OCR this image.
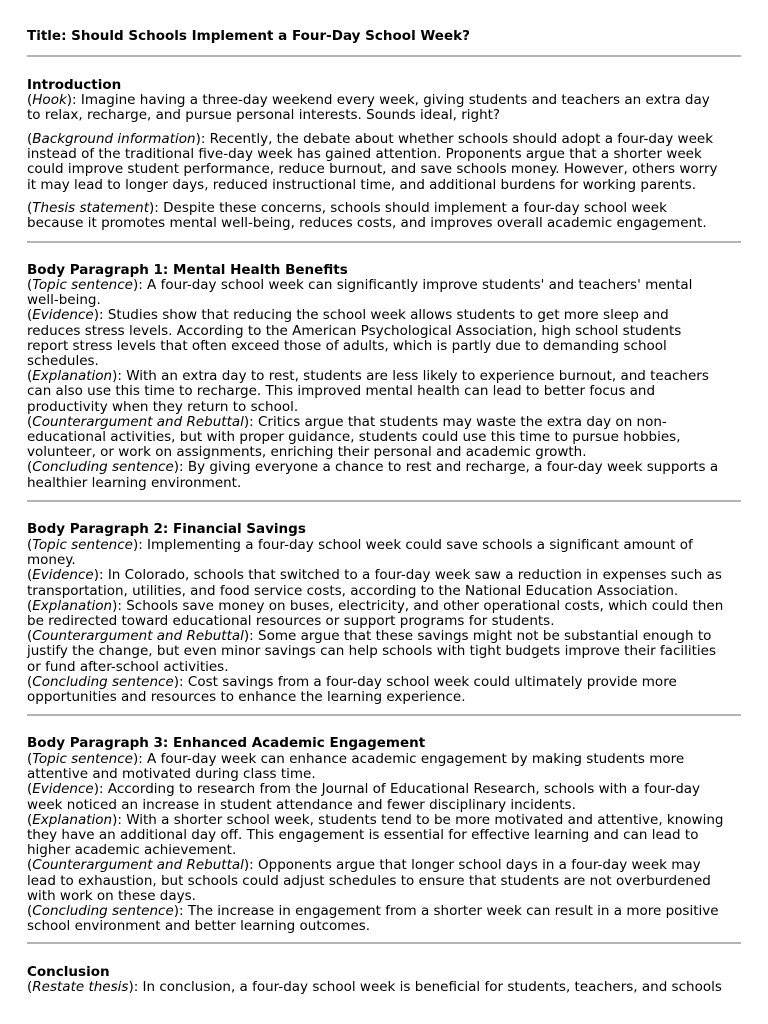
Title: Should Schools Implement a Four-Day School Week?
Introduction
(Hook): Imagine having a three-day weekend every week, giving students and teachers an extra day
to relax, recharge, and pursue personal interests. Sounds ideal, right?
(Background information): Recently, the debate about whether schools should adopt a four-day week
instead of the traditional five-day week has gained attention. Proponents argue that a shorter week
could improve student performance, reduce burnout, and save schools money. However, others worry
it may lead to longer days, reduced instructional time, and additional burdens for working parents.
(Thesis statement): Despite these concerns, schools should implement a four-day school week
because it promotes mental well-being, reduces costs, and improves overall academic engagement.
Body Paragraph 1: Mental Health Benefits
(Topic sentence): A four-day school week can significantly improve students' and teachers' mental
well-being.
(Evidence): Studies show that reducing the school week allows students to get more sleep and
reduces stress levels. According to the American Psychological Association, high school students
report stress levels that often exceed those of adults, which is partly due to demanding school
schedules.
(Explanation): With an extra day to rest, students are less likely to experience burnout, and teachers
can also use this time to recharge. This improved mental health can lead to better focus and
productivity when they return to school.
(Counterargument and Rebuttal): Critics argue that students may waste the extra day on non-
educational activities, but with proper guidance, students could use this time to pursue hobbies,
volunteer, or work on assignments, enriching their personal and academic growth.
(Concluding sentence): By giving everyone a chance to rest and recharge, a four-day week supports a
healthier learning environment.
Body Paragraph 2: Financial Savings
(Topic sentence): Implementing a four-day school week could save schools a significant amount of
money.
(Evidence): In Colorado, schools that switched to a four-day week saw a reduction in expenses such as
transportation, utilities, and food service costs, according to the National Education Association.
(Explanation): Schools save money on buses, electricity, and other operational costs, which could then
be redirected toward educational resources or support programs for students.
(Counterargument and Rebuttal): Some argue that these savings might not be substantial enough to
justify the change, but even minor savings can help schools with tight budgets improve their facilities
or fund after-school activities.
(Concluding sentence): Cost savings from a four-day school week could ultimately provide more
opportunities and resources to enhance the learning experience.
Body Paragraph 3: Enhanced Academic Engagement
(Topic sentence): A four-day week can enhance academic engagement by making students more
attentive and motivated during class time.
(Evidence): According to research from the Journal of Educational Research, schools with a four-day
week noticed an increase in student attendance and fewer disciplinary incidents.
(Explanation): With a shorter school week, students tend to be more motivated and attentive, knowing
they have an additional day off. This engagement is essential for effective learning and can lead to
higher academic achievement.
(Counterargument and Rebuttal): Opponents argue that longer school days in a four-day week may
lead to exhaustion, but schools could adjust schedules to ensure that students are not overburdened
with work on these days.
(Concluding sentence): The increase in engagement from a shorter week can result in a more positive
school environment and better learning outcomes.
Conclusion
(Restate thesis): In conclusion, a four-day school week is beneficial for students, teachers, and schools
